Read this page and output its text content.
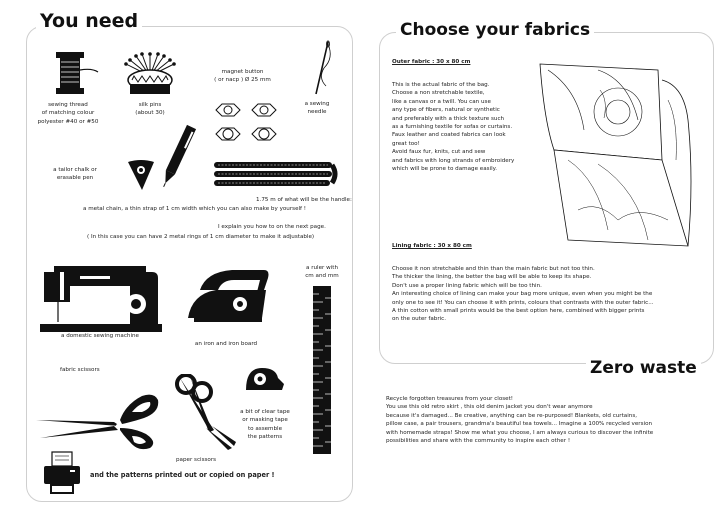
You need
sewing thread
of matching colour
polyester #40 or #50
silk pins
(about 30)
magnet button
( or nacp ) Ø 25 mm
a sewing
needle
a tailor chalk or
erasable pen
1.75 m of what will be the handle:
a metal chain, a thin strap of 1 cm width which you can also make by yourself !
I explain you how to on the next page.
( In this case you can have 2 metal rings of 1 cm diameter to make it adjustable)
a domestic sewing machine
an iron and iron board
a ruler with
cm and mm
a bit of clear tape
or masking tape
to assemble
the patterns
fabric scissors
paper scissors
and the patterns printed out or copied on paper !
Choose your fabrics
Outer fabric : 30 x 80 cm
This is the actual fabric of the bag.
Choose a non stretchable textile,
like a canvas or a twill. You can use
any type of fibers, natural or synthetic
and preferably with a thick texture such
as a furnishing textile for sofas or curtains.
Faux leather and coated fabrics can look
great too!
Avoid faux fur, knits, cut and sew
and fabrics with long strands of embroidery
which will be prone to damage easily.
Lining fabric : 30 x 80 cm
Choose it non stretchable and thin than the main fabric but not too thin.
The thicker the lining, the better the bag will be able to keep its shape.
Don't use a proper lining fabric which will be too thin.
An interesting choice of lining can make your bag more unique, even when you might be the
only one to see it! You can choose it with prints, colours that contrasts with the outer fabric...
A thin cotton with small prints would be the best option here, combined with bigger prints
on the outer fabric.
Zero waste
Recycle forgotten treasures from your closet!
You use this old retro skirt , this old denim jacket you don't wear anymore
because it's damaged... Be creative, anything can be re-purposed! Blankets, old curtains,
pillow case, a pair trousers, grandma's beautiful tea towels... Imagine a 100% recycled version
with homemade straps! Show me what you choose, I am always curious to discover the infinite
possibilities and share with the community to inspire each other !
